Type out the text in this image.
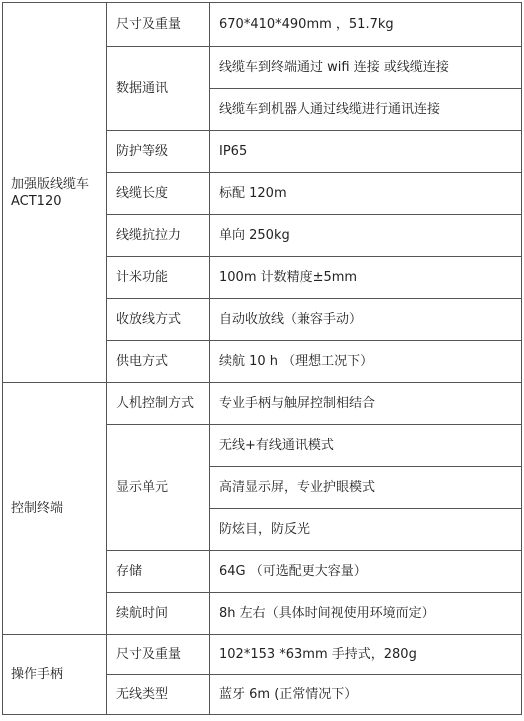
加强版线缆车ACT120	尺寸及重量	670*410*490mm ，51.7kg
	数据通讯	线缆车到终端通过 wifi 连接 或线缆连接
		线缆车到机器人通过线缆进行通讯连接
	防护等级	IP65
	线缆长度	标配 120m
	线缆抗拉力	单向 250kg
	计米功能	100m 计数精度±5mm
	收放线方式	自动收放线（兼容手动）
	供电方式	续航 10 h （理想工况下）
控制终端	人机控制方式	专业手柄与触屏控制相结合
	显示单元	无线+有线通讯模式
		高清显示屏，专业护眼模式
		防炫目，防反光
	存储	64G （可选配更大容量）
	续航时间	8h 左右（具体时间视使用环境而定）
操作手柄	尺寸及重量	102*153 *63mm 手持式，280g
	无线类型	蓝牙 6m (正常情况下）
